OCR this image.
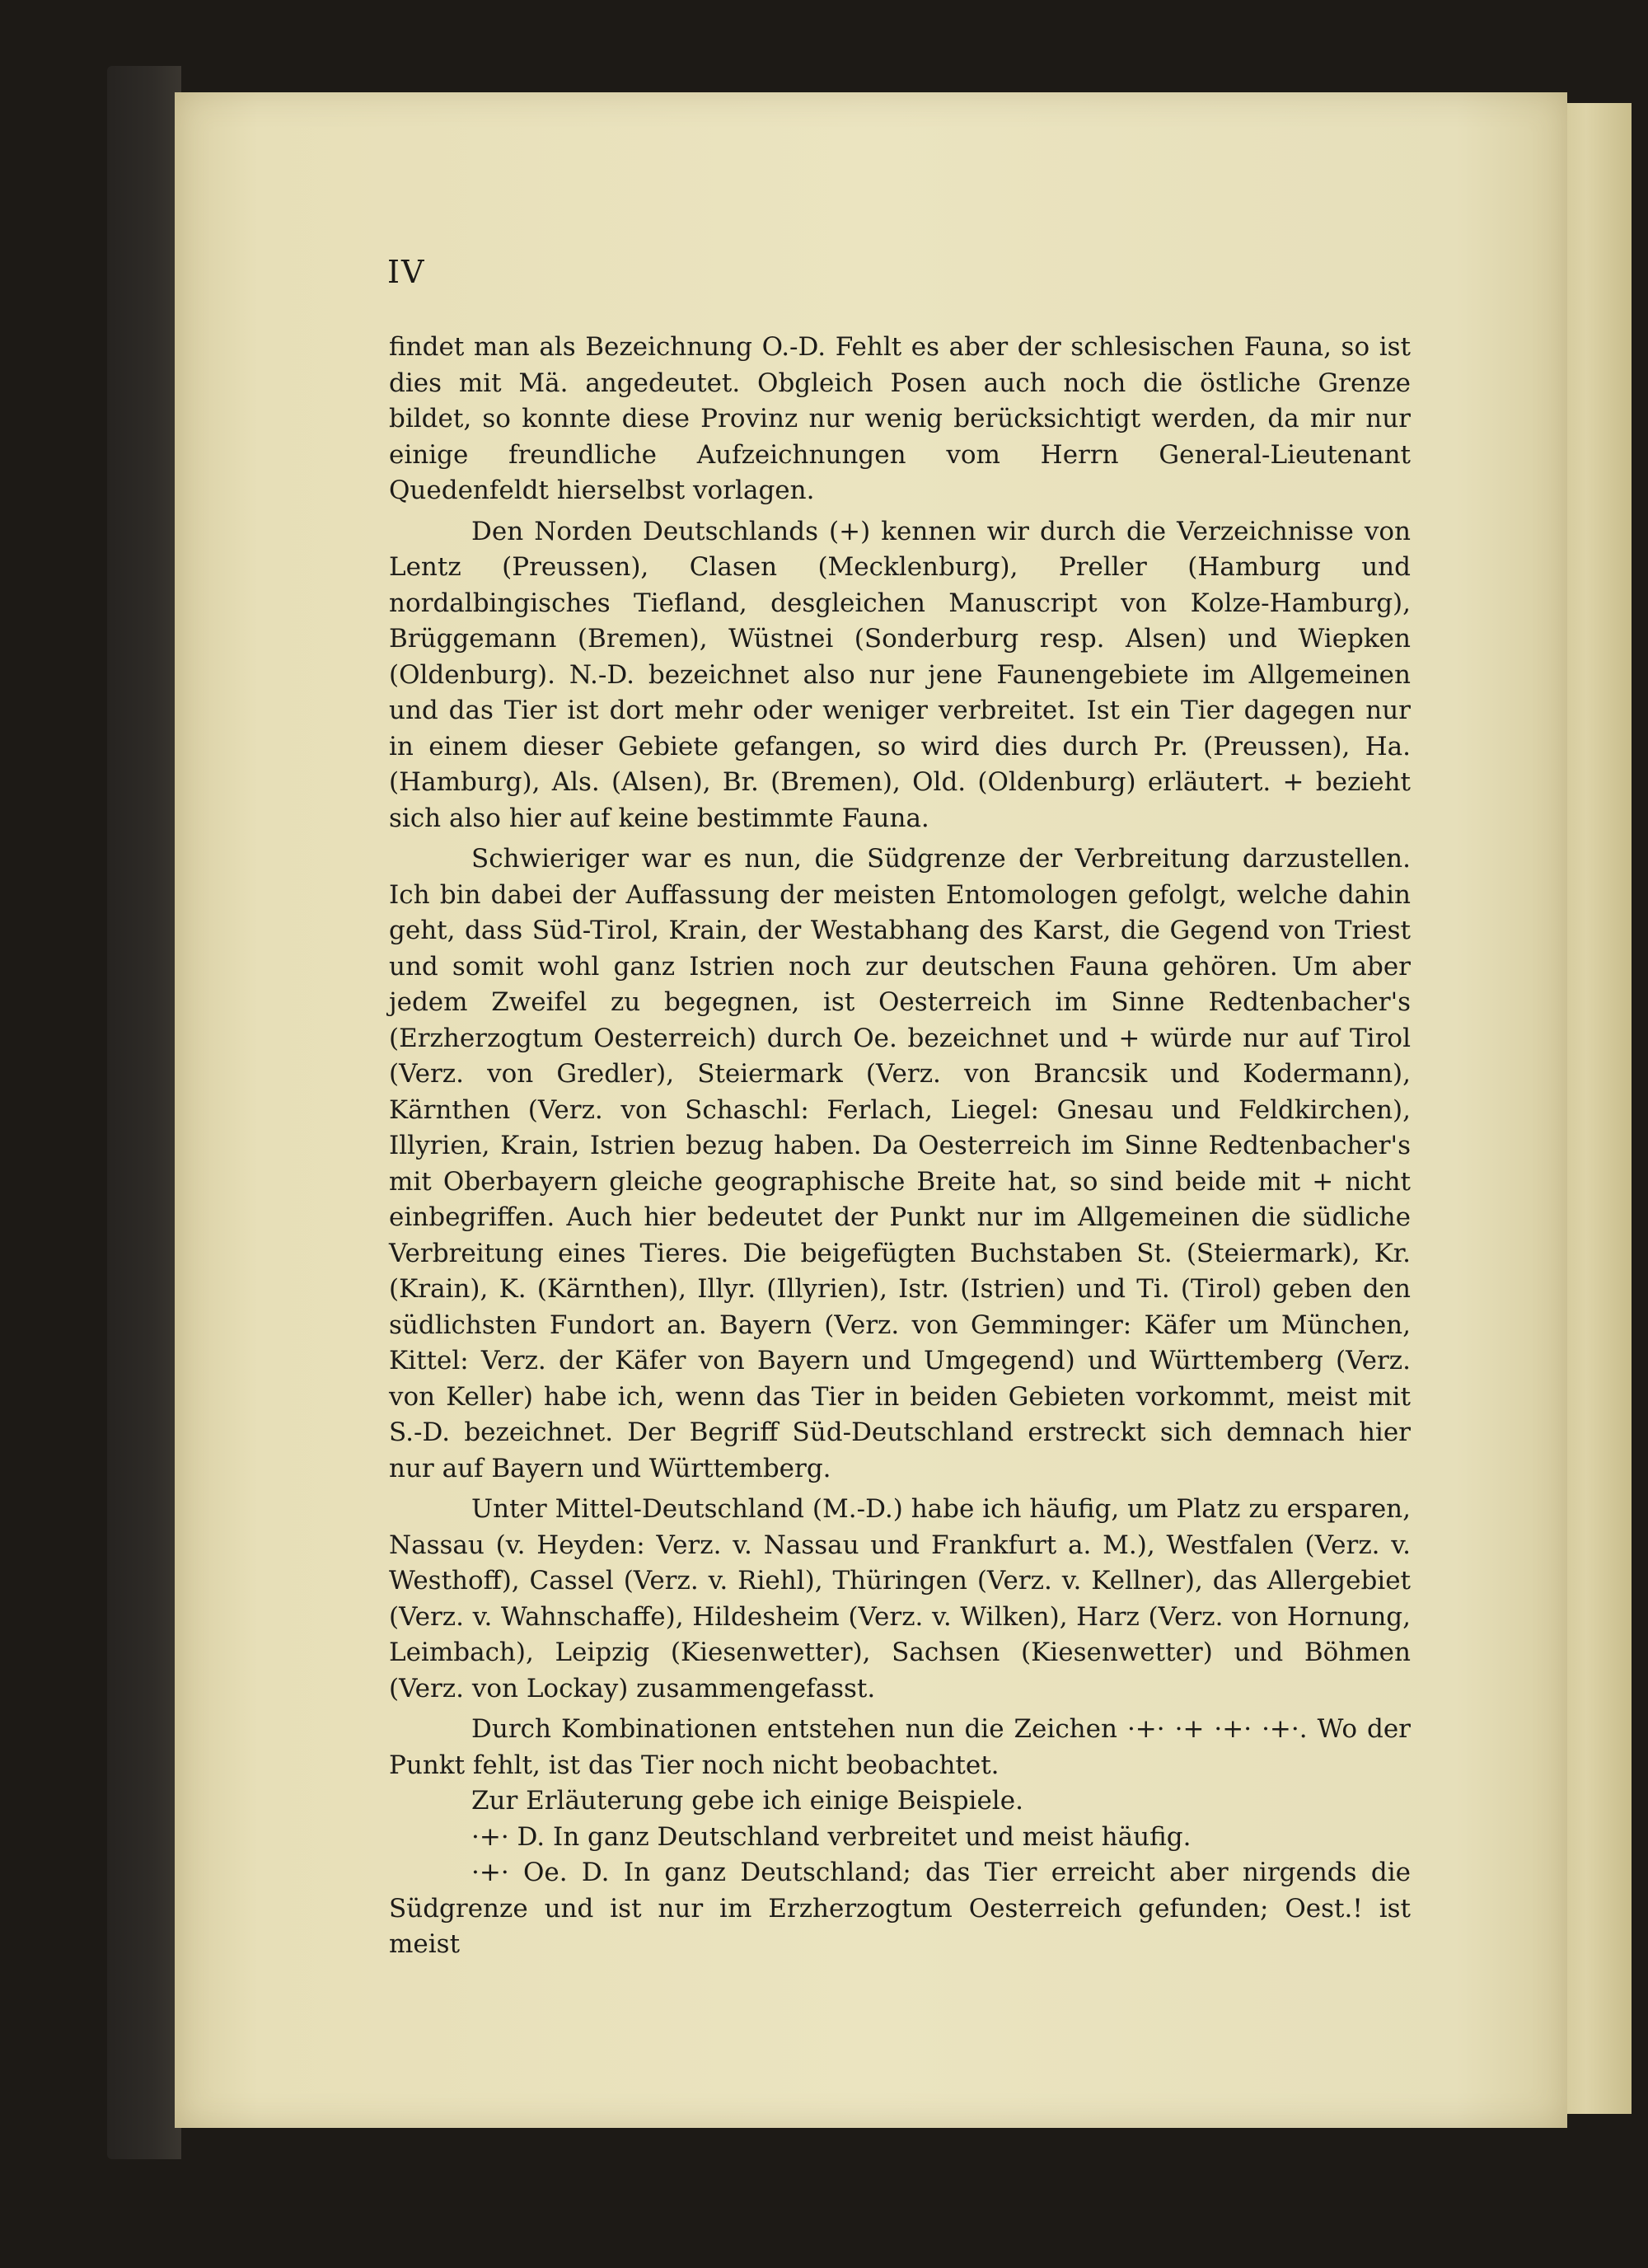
IV

findet man als Bezeichnung O.-D. Fehlt es aber der schlesischen Fauna, so ist dies mit Mä. angedeutet. Obgleich Posen auch noch die östliche Grenze bildet, so konnte diese Provinz nur wenig berücksichtigt werden, da mir nur einige freundliche Aufzeichnungen vom Herrn General-Lieutenant Quedenfeldt hierselbst vorlagen.

Den Norden Deutschlands (+) kennen wir durch die Verzeichnisse von Lentz (Preussen), Clasen (Mecklenburg), Preller (Hamburg und nordalbingisches Tiefland, desgleichen Manuscript von Kolze-Hamburg), Brüggemann (Bremen), Wüstnei (Sonderburg resp. Alsen) und Wiepken (Oldenburg). N.-D. bezeichnet also nur jene Faunengebiete im Allgemeinen und das Tier ist dort mehr oder weniger verbreitet. Ist ein Tier dagegen nur in einem dieser Gebiete gefangen, so wird dies durch Pr. (Preussen), Ha. (Hamburg), Als. (Alsen), Br. (Bremen), Old. (Oldenburg) erläutert. + bezieht sich also hier auf keine bestimmte Fauna.

Schwieriger war es nun, die Südgrenze der Verbreitung darzustellen. Ich bin dabei der Auffassung der meisten Entomologen gefolgt, welche dahin geht, dass Süd-Tirol, Krain, der Westabhang des Karst, die Gegend von Triest und somit wohl ganz Istrien noch zur deutschen Fauna gehören. Um aber jedem Zweifel zu begegnen, ist Oesterreich im Sinne Redtenbacher's (Erzherzogtum Oesterreich) durch Oe. bezeichnet und + würde nur auf Tirol (Verz. von Gredler), Steiermark (Verz. von Brancsik und Kodermann), Kärnthen (Verz. von Schaschl: Ferlach, Liegel: Gnesau und Feldkirchen), Illyrien, Krain, Istrien bezug haben. Da Oesterreich im Sinne Redtenbacher's mit Oberbayern gleiche geographische Breite hat, so sind beide mit + nicht einbegriffen. Auch hier bedeutet der Punkt nur im Allgemeinen die südliche Verbreitung eines Tieres. Die beigefügten Buchstaben St. (Steiermark), Kr. (Krain), K. (Kärnthen), Illyr. (Illyrien), Istr. (Istrien) und Ti. (Tirol) geben den südlichsten Fundort an. Bayern (Verz. von Gemminger: Käfer um München, Kittel: Verz. der Käfer von Bayern und Umgegend) und Württemberg (Verz. von Keller) habe ich, wenn das Tier in beiden Gebieten vorkommt, meist mit S.-D. bezeichnet. Der Begriff Süd-Deutschland erstreckt sich demnach hier nur auf Bayern und Württemberg.

Unter Mittel-Deutschland (M.-D.) habe ich häufig, um Platz zu ersparen, Nassau (v. Heyden: Verz. v. Nassau und Frankfurt a. M.), Westfalen (Verz. v. Westhoff), Cassel (Verz. v. Riehl), Thüringen (Verz. v. Kellner), das Allergebiet (Verz. v. Wahnschaffe), Hildesheim (Verz. v. Wilken), Harz (Verz. von Hornung, Leimbach), Leipzig (Kiesenwetter), Sachsen (Kiesenwetter) und Böhmen (Verz. von Lockay) zusammengefasst.

Durch Kombinationen entstehen nun die Zeichen ·+· ·+ ·+· ·+·. Wo der Punkt fehlt, ist das Tier noch nicht beobachtet.

Zur Erläuterung gebe ich einige Beispiele.

·+· D. In ganz Deutschland verbreitet und meist häufig.

·+· Oe. D. In ganz Deutschland; das Tier erreicht aber nirgends die Südgrenze und ist nur im Erzherzogtum Oesterreich gefunden; Oest.! ist meist
